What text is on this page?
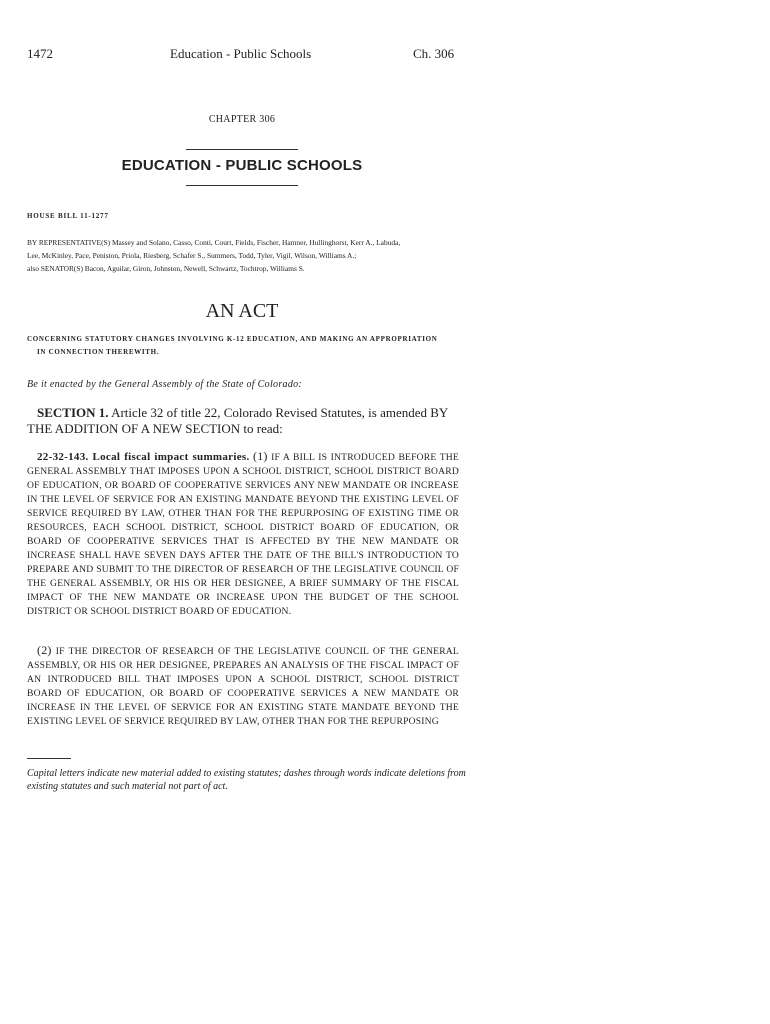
1472	Education - Public Schools	Ch. 306
CHAPTER 306
EDUCATION - PUBLIC SCHOOLS
HOUSE BILL 11-1277
BY REPRESENTATIVE(S) Massey and Solano, Casso, Conti, Court, Fields, Fischer, Hamner, Hullinghorst, Kerr A., Labuda,
Lee, McKinley, Pace, Peniston, Priola, Riesberg, Schafer S., Summers, Todd, Tyler, Vigil, Wilson, Williams A.;
also SENATOR(S) Bacon, Aguilar, Giron, Johnston, Newell, Schwartz, Tochtrop, Williams S.
AN ACT
CONCERNING STATUTORY CHANGES INVOLVING K-12 EDUCATION, AND MAKING AN APPROPRIATION
IN CONNECTION THEREWITH.
Be it enacted by the General Assembly of the State of Colorado:
SECTION 1. Article 32 of title 22, Colorado Revised Statutes, is amended BY THE ADDITION OF A NEW SECTION to read:
22-32-143. Local fiscal impact summaries. (1) IF A BILL IS INTRODUCED BEFORE THE GENERAL ASSEMBLY THAT IMPOSES UPON A SCHOOL DISTRICT, SCHOOL DISTRICT BOARD OF EDUCATION, OR BOARD OF COOPERATIVE SERVICES ANY NEW MANDATE OR INCREASE IN THE LEVEL OF SERVICE FOR AN EXISTING MANDATE BEYOND THE EXISTING LEVEL OF SERVICE REQUIRED BY LAW, OTHER THAN FOR THE REPURPOSING OF EXISTING TIME OR RESOURCES, EACH SCHOOL DISTRICT, SCHOOL DISTRICT BOARD OF EDUCATION, OR BOARD OF COOPERATIVE SERVICES THAT IS AFFECTED BY THE NEW MANDATE OR INCREASE SHALL HAVE SEVEN DAYS AFTER THE DATE OF THE BILL'S INTRODUCTION TO PREPARE AND SUBMIT TO THE DIRECTOR OF RESEARCH OF THE LEGISLATIVE COUNCIL OF THE GENERAL ASSEMBLY, OR HIS OR HER DESIGNEE, A BRIEF SUMMARY OF THE FISCAL IMPACT OF THE NEW MANDATE OR INCREASE UPON THE BUDGET OF THE SCHOOL DISTRICT OR SCHOOL DISTRICT BOARD OF EDUCATION.
(2) IF THE DIRECTOR OF RESEARCH OF THE LEGISLATIVE COUNCIL OF THE GENERAL ASSEMBLY, OR HIS OR HER DESIGNEE, PREPARES AN ANALYSIS OF THE FISCAL IMPACT OF AN INTRODUCED BILL THAT IMPOSES UPON A SCHOOL DISTRICT, SCHOOL DISTRICT BOARD OF EDUCATION, OR BOARD OF COOPERATIVE SERVICES A NEW MANDATE OR INCREASE IN THE LEVEL OF SERVICE FOR AN EXISTING STATE MANDATE BEYOND THE EXISTING LEVEL OF SERVICE REQUIRED BY LAW, OTHER THAN FOR THE REPURPOSING
Capital letters indicate new material added to existing statutes; dashes through words indicate deletions from existing statutes and such material not part of act.
